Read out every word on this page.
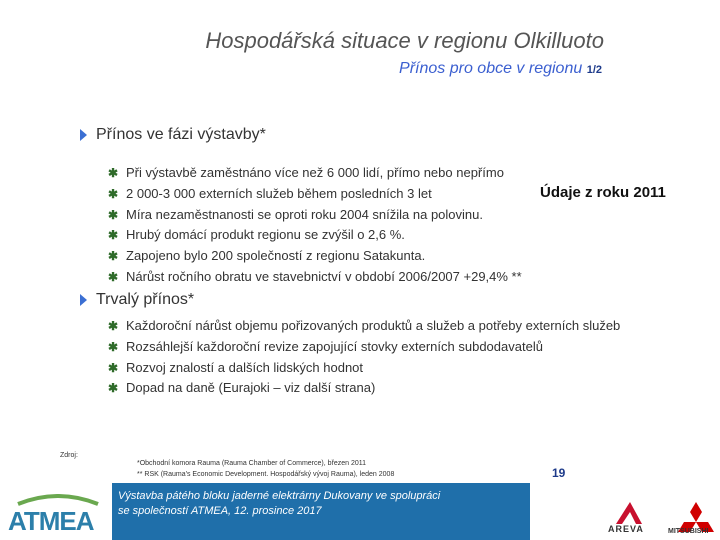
Hospodářská situace v regionu Olkilluoto
Přínos pro obce v regionu 1/2
Přínos ve fázi výstavby*
✱ Při výstavbě zaměstnáno více než 6 000 lidí, přímo nebo nepřímo
✱ 2 000-3 000 externích služeb během posledních 3 let
✱ Míra nezaměstnanosti se oproti roku 2004 snížila na polovinu.
✱ Hrubý domácí produkt regionu se zvýšil o 2,6 %.
✱ Zapojeno bylo 200 společností z regionu Satakunta.
✱ Nárůst ročního obratu ve stavebnictví v období 2006/2007 +29,4% **
Údaje z roku 2011
Trvalý přínos*
✱ Každoroční nárůst objemu pořizovaných produktů a služeb a potřeby externích služeb
✱ Rozsáhlejší každoroční revize zapojující stovky externích subdodavatelů
✱ Rozvoj znalostí a dalších lidských hodnot
✱ Dopad na daně (Eurajoki – viz další strana)
Zdroj:
*Obchodní komora Rauma (Rauma Chamber of Commerce), březen 2011
** RSK (Rauma's Economic Development. Hospodářský vývoj Rauma), leden 2008
ATMEA
Výstavba pátého bloku jaderné elektrárny Dukovany ve spolupráci
se společností ATMEA, 12. prosince 2017
19
AREVA	MITSUBISHI
